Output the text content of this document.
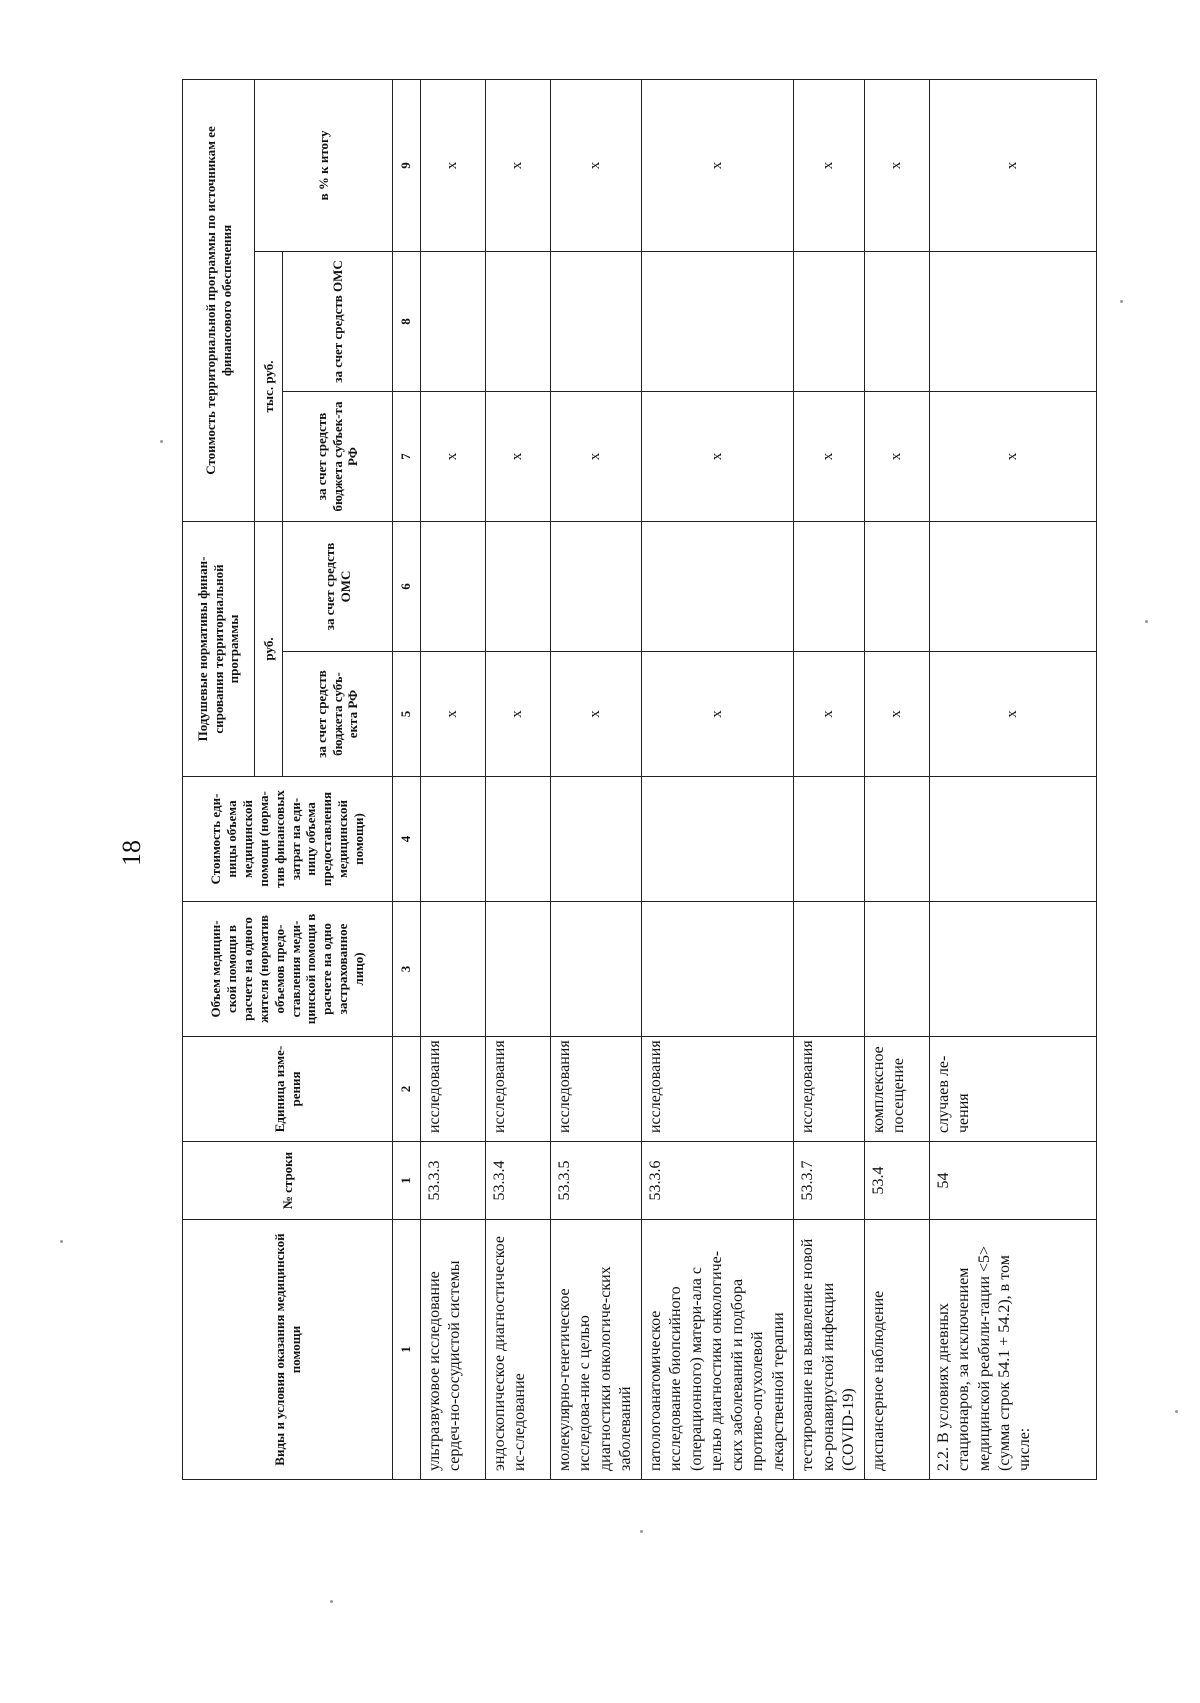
18
Виды и условия оказания медицинской помощи	№ строки	Единица изме-рения	Объем медицин-ской помощи в расчете на одного жителя (норматив объемов предо-ставления меди-цинской помощи в расчете на одно застрахованное лицо)	Стоимость еди-ницы объема медицинской помощи (норма-тив финансовых затрат на еди-ницу объема предоставления медицинской помощи)	Подушевые нормативы финан-сирования территориальной программы		Стоимость территориальной программы по источникам ее финансового обеспечения		
					руб.		тыс. руб.		в % к итогу
					за счет средств бюджета субъ-екта РФ	за счет средств ОМС	за счет средств бюджета субъек-та РФ	за счет средств ОМС	
1	1	2	3	4	5	6	7	8	9
ультразвуковое исследование сердеч-но-сосудистой системы	53.3.3	исследования			х		х		х
эндоскопическое диагностическое ис-следование	53.3.4	исследования			х		х		х
молекулярно-генетическое исследова-ние с целью диагностики онкологиче-ских заболеваний	53.3.5	исследования			х		х		х
патологоанатомическое исследование биопсийного (операционного) матери-ала с целью диагностики онкологиче-ских заболеваний и подбора противо-опухолевой лекарственной терапии	53.3.6	исследования			х		х		х
тестирование на выявление новой ко-ронавирусной инфекции (COVID-19)	53.3.7	исследования			х		х		х
диспансерное наблюдение	53.4	комплексное посещение			х		х		х
2.2. В условиях дневных стационаров, за исключением медицинской реабили-тации <5> (сумма строк 54.1 + 54.2), в том числе:	54	случаев ле-чения			х		х		х
